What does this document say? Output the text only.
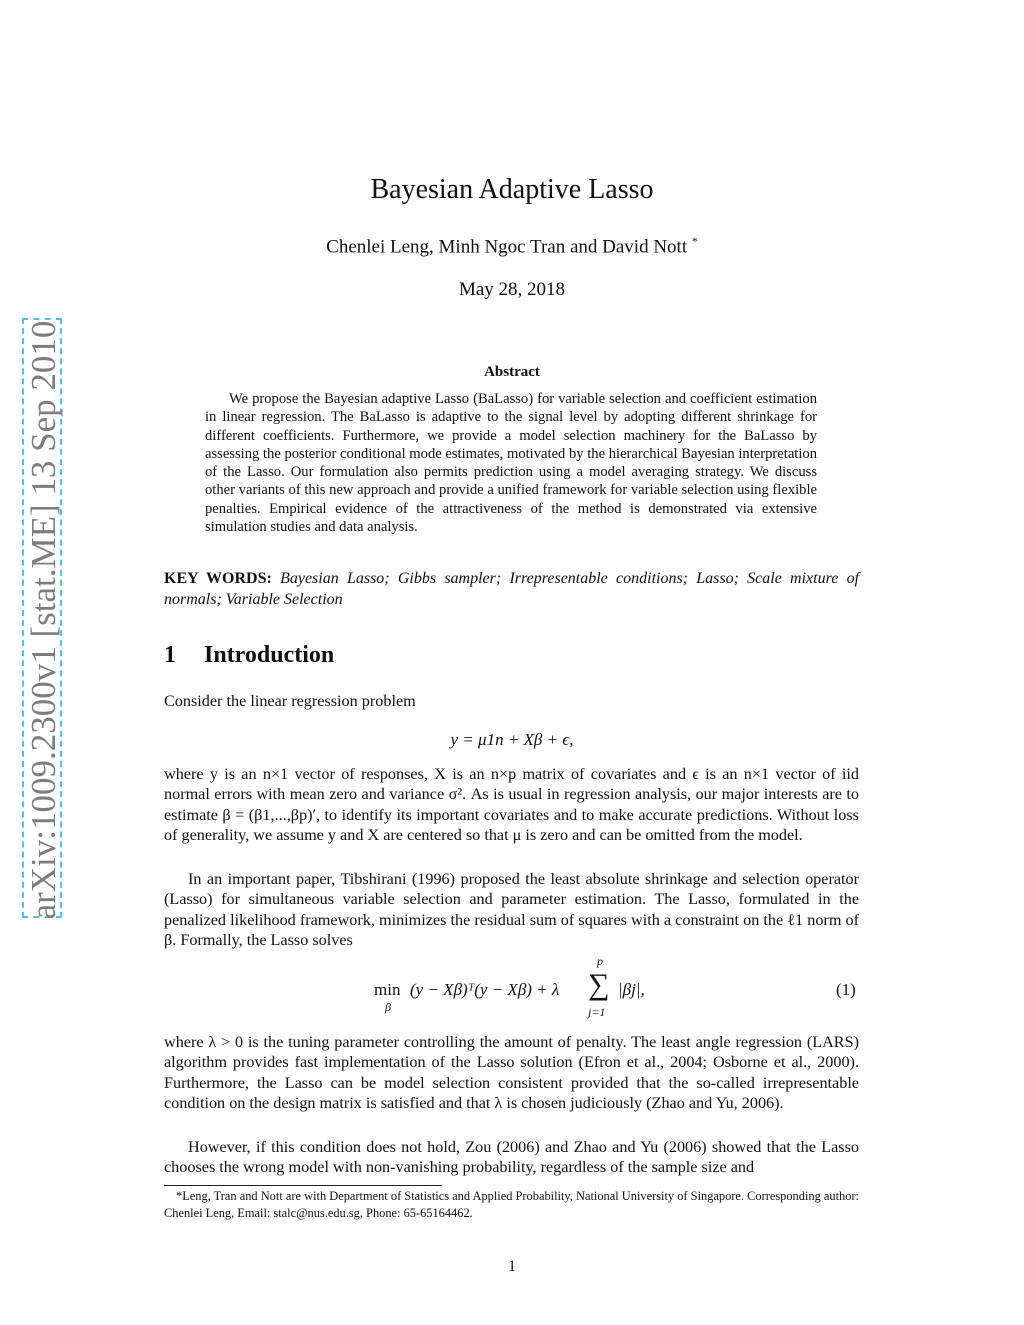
arXiv:1009.2300v1 [stat.ME] 13 Sep 2010
Bayesian Adaptive Lasso
Chenlei Leng, Minh Ngoc Tran and David Nott *
May 28, 2018
Abstract

We propose the Bayesian adaptive Lasso (BaLasso) for variable selection and coefficient estimation in linear regression. The BaLasso is adaptive to the signal level by adopting different shrinkage for different coefficients. Furthermore, we provide a model selection machinery for the BaLasso by assessing the posterior conditional mode estimates, motivated by the hierarchical Bayesian interpretation of the Lasso. Our formulation also permits prediction using a model averaging strategy. We discuss other variants of this new approach and provide a unified framework for variable selection using flexible penalties. Empirical evidence of the attractiveness of the method is demonstrated via extensive simulation studies and data analysis.

KEY WORDS: Bayesian Lasso; Gibbs sampler; Irrepresentable conditions; Lasso; Scale mixture of normals; Variable Selection

1 Introduction

Consider the linear regression problem

y = μ1n + Xβ + ϵ,

where y is an n×1 vector of responses, X is an n×p matrix of covariates and ϵ is an n×1 vector of iid normal errors with mean zero and variance σ². As is usual in regression analysis, our major interests are to estimate β = (β1,...,βp)′, to identify its important covariates and to make accurate predictions. Without loss of generality, we assume y and X are centered so that μ is zero and can be omitted from the model.

In an important paper, Tibshirani (1996) proposed the least absolute shrinkage and selection operator (Lasso) for simultaneous variable selection and parameter estimation. The Lasso, formulated in the penalized likelihood framework, minimizes the residual sum of squares with a constraint on the ℓ1 norm of β. Formally, the Lasso solves

min
β
(y − Xβ)ᵀ(y − Xβ) + λ
p
∑
j=1
|βj|,	(1)

where λ > 0 is the tuning parameter controlling the amount of penalty. The least angle regression (LARS) algorithm provides fast implementation of the Lasso solution (Efron et al., 2004; Osborne et al., 2000). Furthermore, the Lasso can be model selection consistent provided that the so-called irrepresentable condition on the design matrix is satisfied and that λ is chosen judiciously (Zhao and Yu, 2006).

However, if this condition does not hold, Zou (2006) and Zhao and Yu (2006) showed that the Lasso chooses the wrong model with non-vanishing probability, regardless of the sample size and

*Leng, Tran and Nott are with Department of Statistics and Applied Probability, National University of Singapore. Corresponding author: Chenlei Leng, Email: stalc@nus.edu.sg, Phone: 65-65164462.

1
